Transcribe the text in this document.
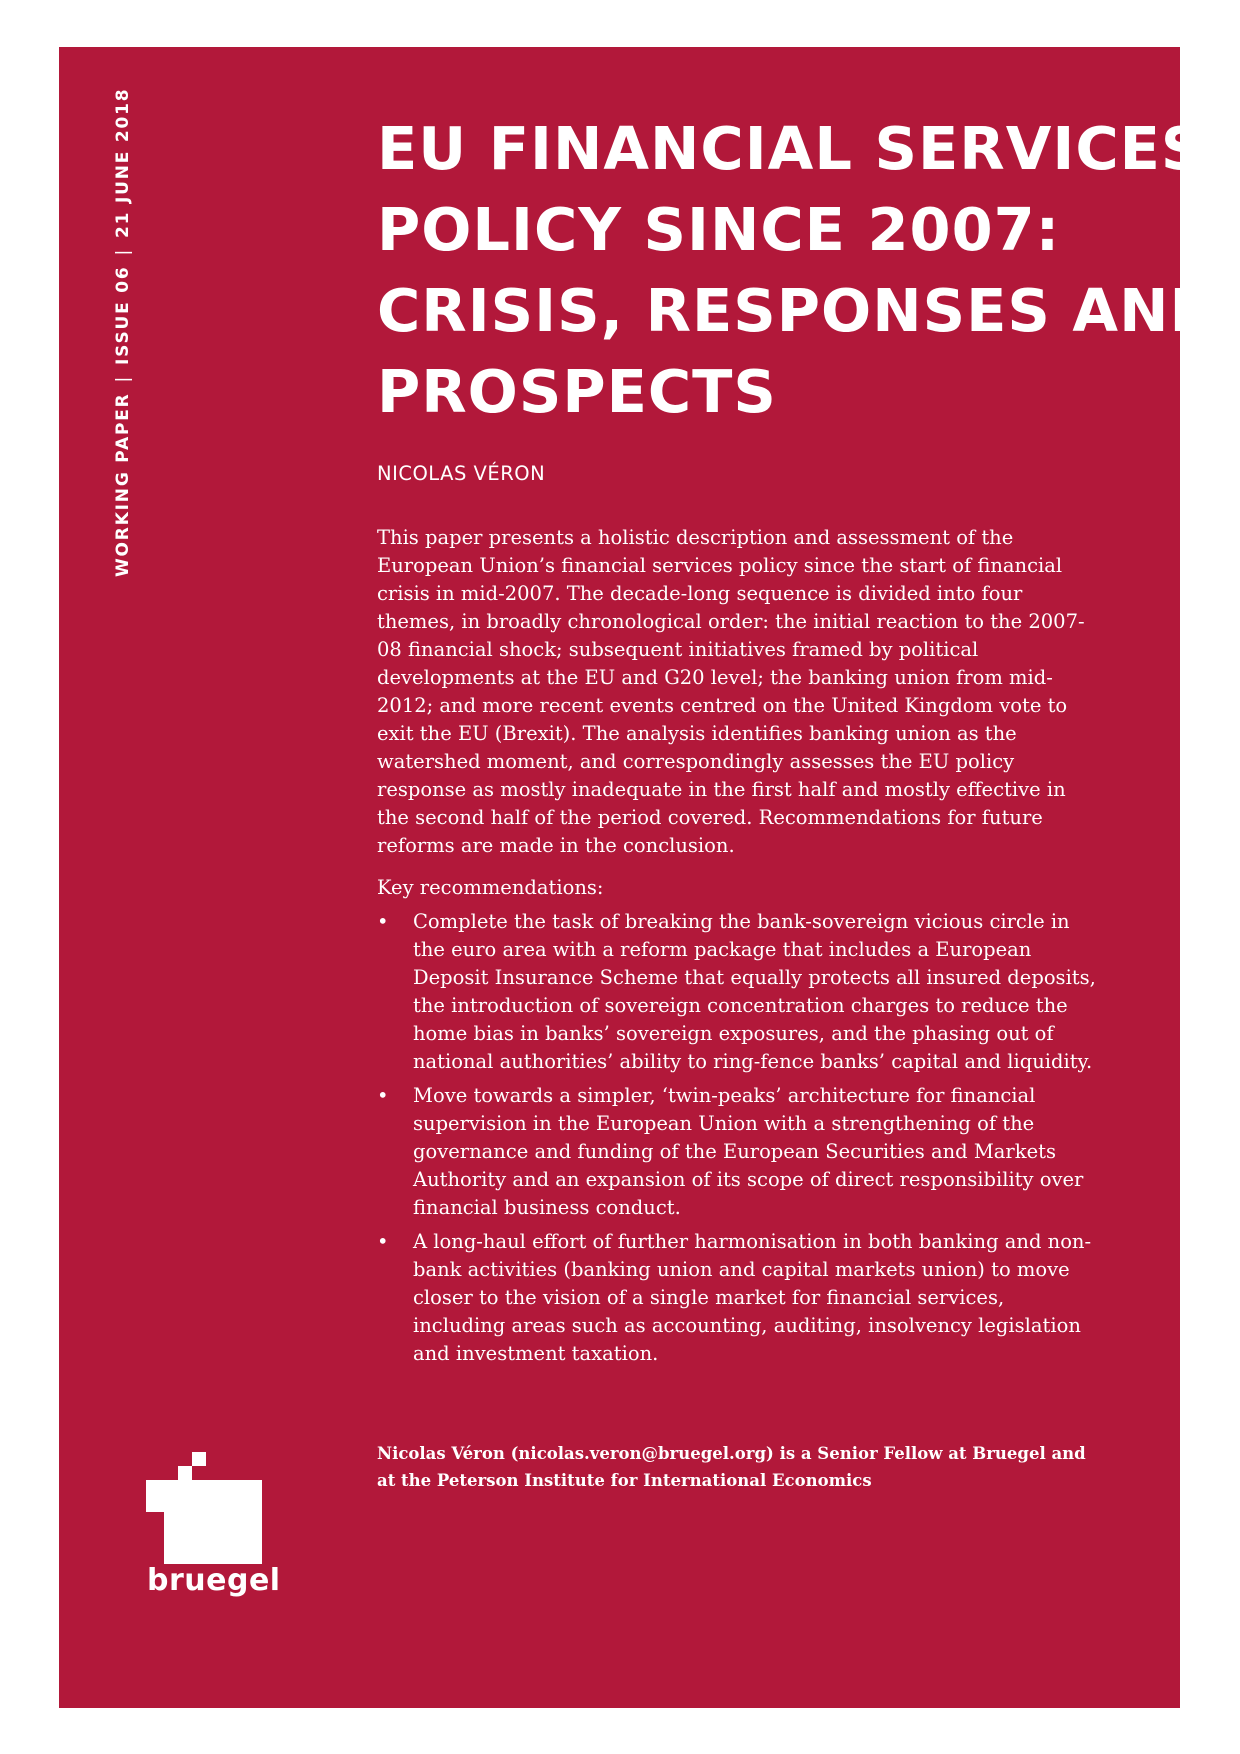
WORKING PAPER|ISSUE 06|21 JUNE 2018	EU FINANCIAL SERVICES
POLICY SINCE 2007:
CRISIS, RESPONSES AND
PROSPECTS
NICOLAS VÉRON

This paper presents a holistic description and assessment of the European Union’s financial services policy since the start of financial crisis in mid-2007. The decade-long sequence is divided into four themes, in broadly chronological order: the initial reaction to the 2007-08 financial shock; subsequent initiatives framed by political developments at the EU and G20 level; the banking union from mid-2012; and more recent events centred on the United Kingdom vote to exit the EU (Brexit). The analysis identifies banking union as the watershed moment, and correspondingly assesses the EU policy response as mostly inadequate in the first half and mostly effective in the second half of the period covered. Recommendations for future reforms are made in the conclusion.

Key recommendations:

• Complete the task of breaking the bank-sovereign vicious circle in the euro area with a reform package that includes a European Deposit Insurance Scheme that equally protects all insured deposits, the introduction of sovereign concentration charges to reduce the home bias in banks’ sovereign exposures, and the phasing out of national authorities’ ability to ring-fence banks’ capital and liquidity.
• Move towards a simpler, ‘twin-peaks’ architecture for financial supervision in the European Union with a strengthening of the governance and funding of the European Securities and Markets Authority and an expansion of its scope of direct responsibility over financial business conduct.
• A long-haul effort of further harmonisation in both banking and non-bank activities (banking union and capital markets union) to move closer to the vision of a single market for financial services, including areas such as accounting, auditing, insolvency legislation and investment taxation.

Nicolas Véron (nicolas.veron@bruegel.org) is a Senior Fellow at Bruegel and at the Peterson Institute for International Economics

bruegel
